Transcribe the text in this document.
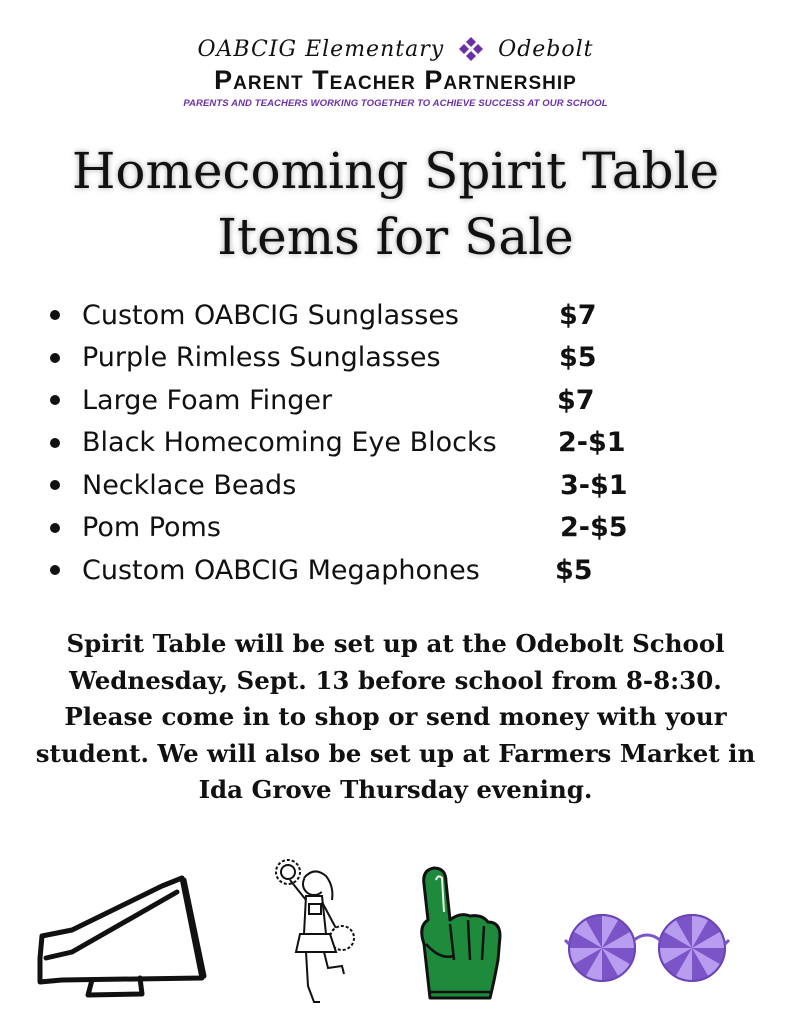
OABCIG Elementary Odebolt
Parent Teacher Partnership
PARENTS AND TEACHERS WORKING TOGETHER TO ACHIEVE SUCCESS AT OUR SCHOOL
Homecoming Spirit Table
Items for Sale
Custom OABCIG Sunglasses	$7
Purple Rimless Sunglasses	$5
Large Foam Finger	$7
Black Homecoming Eye Blocks 2-$1
Necklace Beads	3-$1
Pom Poms	2-$5
Custom OABCIG Megaphones	$5
Spirit Table will be set up at the Odebolt School
Wednesday, Sept. 13 before school from 8-8:30.
Please come in to shop or send money with your
student. We will also be set up at Farmers Market in
Ida Grove Thursday evening.
